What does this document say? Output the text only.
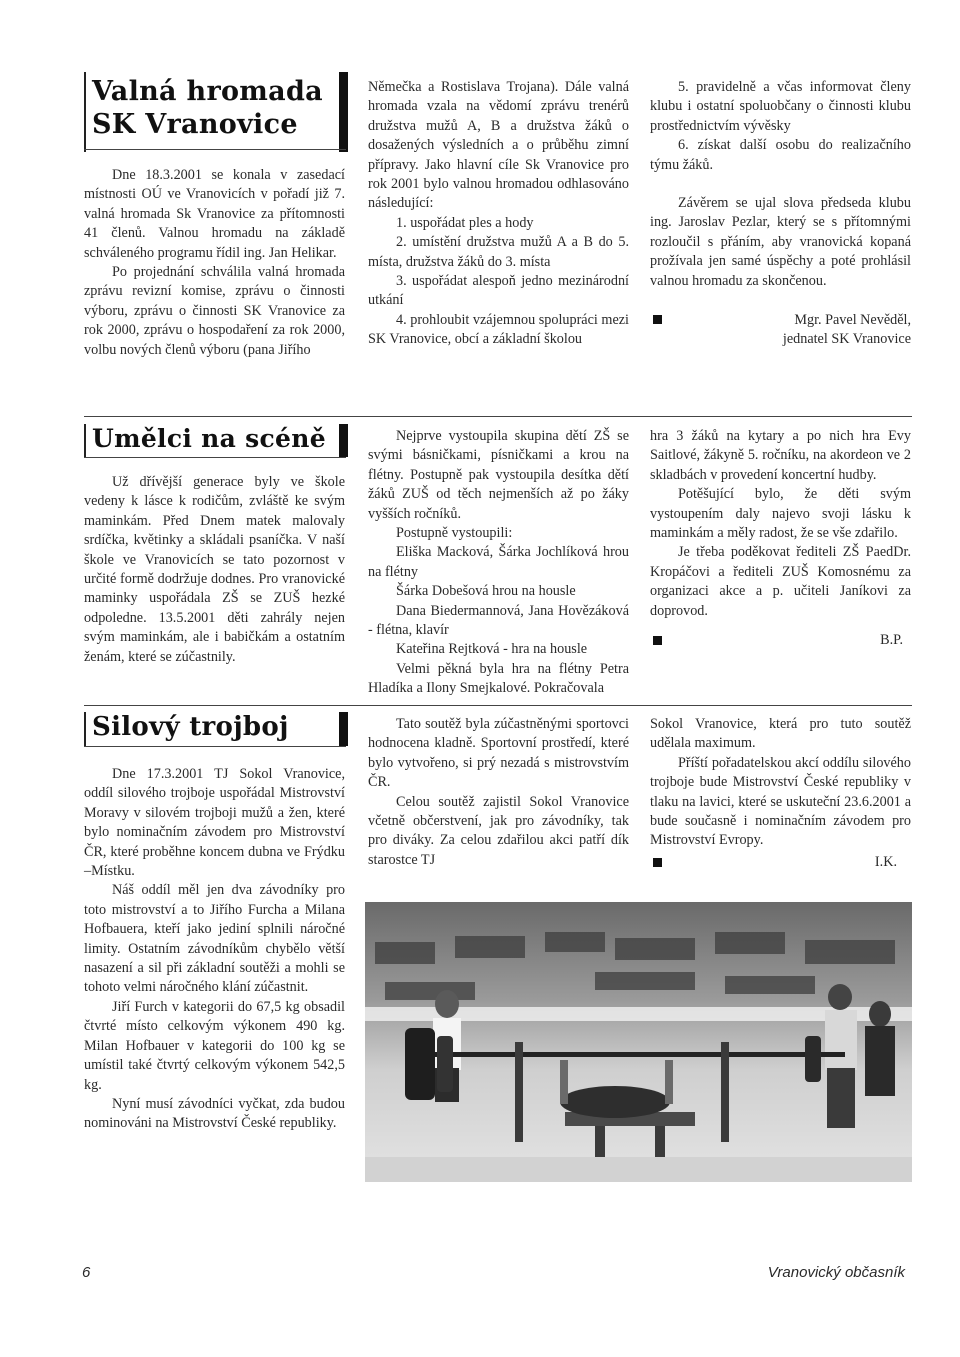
Valná hromada
SK Vranovice

Dne 18.3.2001 se konala v zasedací místnosti OÚ ve Vranovicích v pořadí již 7. valná hromada Sk Vranovice za přítomnosti 41 členů. Valnou hromadu na základě schváleného programu řídil ing. Jan Helikar.

Po projednání schválila valná hromada zprávu revizní komise, zprávu o činnosti výboru, zprávu o činnosti SK Vranovice za rok 2000, zprávu o hospodaření za rok 2000, volbu nových členů výboru (pana Jiřího

Němečka a Rostislava Trojana). Dále valná hromada vzala na vědomí zprávu trenérů družstva mužů A, B a družstva žáků o dosažených výsledních a o průběhu zimní přípravy. Jako hlavní cíle Sk Vranovice pro rok 2001 bylo valnou hromadou odhlasováno následující:

1. uspořádat ples a hody

2. umístění družstva mužů A a B do 5. místa, družstva žáků do 3. místa

3. uspořádat alespoň jedno mezinárodní utkání

4. prohloubit vzájemnou spolupráci mezi SK Vranovice, obcí a základní školou

5. pravidelně a včas informovat členy klubu i ostatní spoluobčany o činnosti klubu prostřednictvím vývěsky

6. získat další osobu do realizačního týmu žáků.

Závěrem se ujal slova předseda klubu ing. Jaroslav Pezlar, který se s přítomnými rozloučil s přáním, aby vranovická kopaná prožívala jen samé úspěchy a poté prohlásil valnou hromadu za skončenou.

Mgr. Pavel Nevěděl,
jednatel SK Vranovice
Umělci na scéně

Už dřívější generace byly ve škole vedeny k lásce k rodičům, zvláště ke svým maminkám. Před Dnem matek malovaly srdíčka, květinky a skládali psaníčka. V naší škole ve Vranovicích se tato pozornost v určité formě dodržuje dodnes. Pro vranovické maminky uspořádala ZŠ se ZUŠ hezké odpoledne. 13.5.2001 děti zahrály nejen svým maminkám, ale i babičkám a ostatním ženám, které se zúčastnily.

Nejprve vystoupila skupina dětí ZŠ se svými básničkami, písničkami a krou na flétny. Postupně pak vystoupila desítka dětí žáků ZUŠ od těch nejmenších až po žáky vyšších ročníků.

Postupně vystoupili:

Eliška Macková, Šárka Jochlíková hrou na flétny

Šárka Dobešová hrou na housle

Dana Biedermannová, Jana Hovězáková - flétna, klavír

Kateřina Rejtková - hra na housle

Velmi pěkná byla hra na flétny Petra Hladíka a Ilony Smejkalové. Pokračovala

hra 3 žáků na kytary a po nich hra Evy Saitlové, žákyně 5. ročníku, na akordeon ve 2 skladbách v provedení koncertní hudby.

Potěšující bylo, že děti svým vystoupením daly najevo svoji lásku k maminkám a měly radost, že se vše zdařilo.

Je třeba poděkovat řediteli ZŠ PaedDr. Kropáčovi a řediteli ZUŠ Komosnému za organizaci akce a p. učiteli Janíkovi za doprovod.

B.P.
Silový trojboj

Dne 17.3.2001 TJ Sokol Vranovice, oddíl silového trojboje uspořádal Mistrovství Moravy v silovém trojboji mužů a žen, které bylo nominačním závodem pro Mistrovství ČR, které proběhne koncem dubna ve Frýdku –Místku.

Náš oddíl měl jen dva závodníky pro toto mistrovství a to Jiřího Furcha a Milana Hofbauera, kteří jako jediní splnili náročné limity. Ostatním závodníkům chybělo větší nasazení a sil při základní soutěži a mohli se tohoto velmi náročného klání zúčastnit.

Jiří Furch v kategorii do 67,5 kg obsadil čtvrté místo celkovým výkonem 490 kg. Milan Hofbauer v kategorii do 100 kg se umístil také čtvrtý celkovým výkonem 542,5 kg.

Nyní musí závodníci vyčkat, zda budou nominováni na Mistrovství České republiky.

Tato soutěž byla zúčastněnými sportovci hodnocena kladně. Sportovní prostředí, které bylo vytvořeno, si prý nezadá s mistrovstvím ČR.

Celou soutěž zajistil Sokol Vranovice včetně občerstvení, jak pro závodníky, tak pro diváky. Za celou zdařilou akci patří dík starostce TJ

Sokol Vranovice, která pro tuto soutěž udělala maximum.

Příští pořadatelskou akcí oddílu silového trojboje bude Mistrovství České republiky v tlaku na lavici, které se uskuteční 23.6.2001 a bude současně i nominačním závodem pro Mistrovství Evropy.

I.K.
6	Vranovický občasník
